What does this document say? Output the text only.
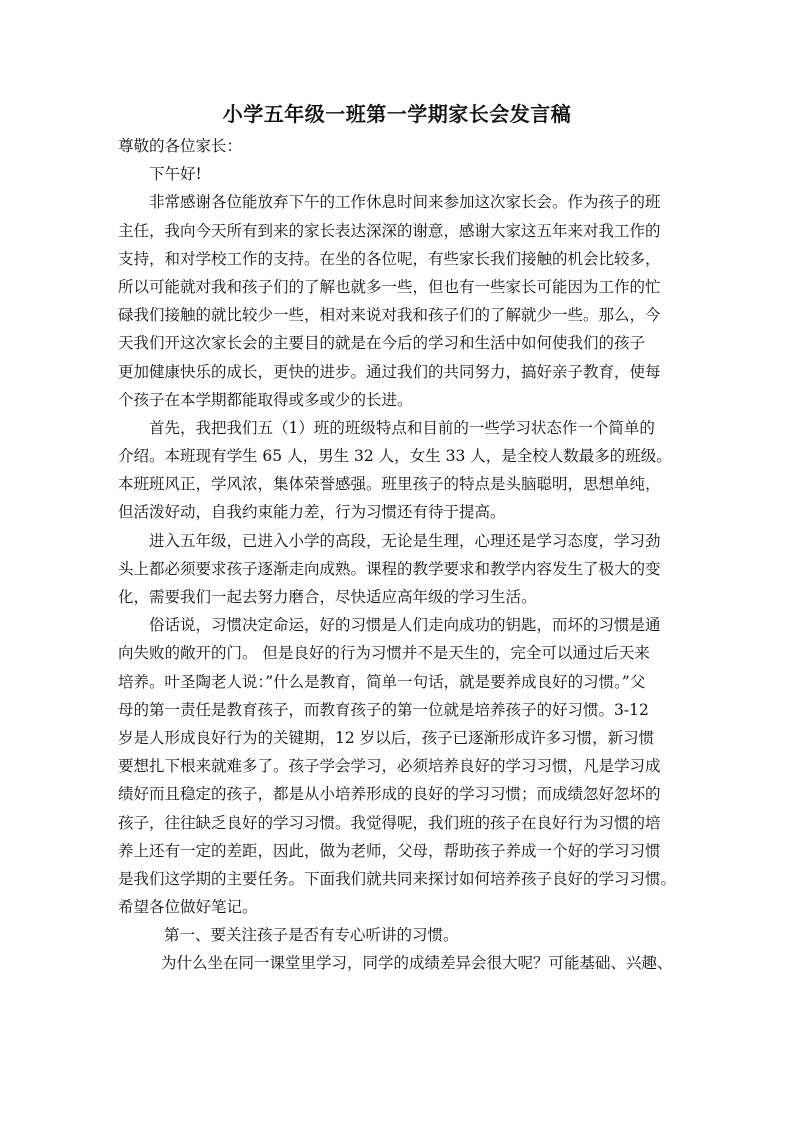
小学五年级一班第一学期家长会发言稿
尊敬的各位家长：
下午好!
非常感谢各位能放弃下午的工作休息时间来参加这次家长会。作为孩子的班
主任，我向今天所有到来的家长表达深深的谢意，感谢大家这五年来对我工作的
支持，和对学校工作的支持。在坐的各位呢，有些家长我们接触的机会比较多，
所以可能就对我和孩子们的了解也就多一些，但也有一些家长可能因为工作的忙
碌我们接触的就比较少一些，相对来说对我和孩子们的了解就少一些。那么，今
天我们开这次家长会的主要目的就是在今后的学习和生活中如何使我们的孩子
更加健康快乐的成长，更快的进步。通过我们的共同努力，搞好亲子教育，使每
个孩子在本学期都能取得或多或少的长进。
首先，我把我们五（1）班的班级特点和目前的一些学习状态作一个简单的
介绍。本班现有学生 65 人，男生 32 人，女生 33 人，是全校人数最多的班级。
本班班风正，学风浓，集体荣誉感强。班里孩子的特点是头脑聪明，思想单纯，
但活泼好动，自我约束能力差，行为习惯还有待于提高。
进入五年级，已进入小学的高段，无论是生理，心理还是学习态度，学习劲
头上都必须要求孩子逐渐走向成熟。课程的教学要求和教学内容发生了极大的变
化，需要我们一起去努力磨合，尽快适应高年级的学习生活。
俗话说，习惯决定命运，好的习惯是人们走向成功的钥匙，而坏的习惯是通
向失败的敞开的门。 但是良好的行为习惯并不是天生的，完全可以通过后天来
培养。叶圣陶老人说：”什么是教育，简单一句话，就是要养成良好的习惯。”父
母的第一责任是教育孩子，而教育孩子的第一位就是培养孩子的好习惯。3-12
岁是人形成良好行为的关键期，12 岁以后，孩子已逐渐形成许多习惯，新习惯
要想扎下根来就难多了。孩子学会学习，必须培养良好的学习习惯，凡是学习成
绩好而且稳定的孩子，都是从小培养形成的良好的学习习惯；而成绩忽好忽坏的
孩子，往往缺乏良好的学习习惯。我觉得呢，我们班的孩子在良好行为习惯的培
养上还有一定的差距，因此，做为老师，父母，帮助孩子养成一个好的学习习惯
是我们这学期的主要任务。下面我们就共同来探讨如何培养孩子良好的学习习惯。
希望各位做好笔记。
第一、要关注孩子是否有专心听讲的习惯。
为什么坐在同一课堂里学习，同学的成绩差异会很大呢？可能基础、兴趣、
